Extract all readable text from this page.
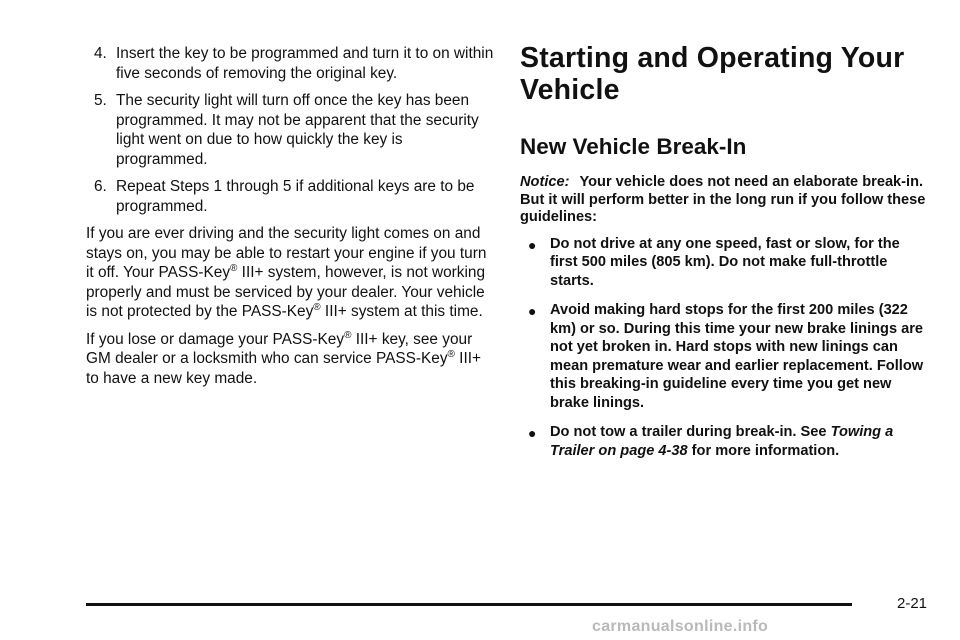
4. Insert the key to be programmed and turn it to on within five seconds of removing the original key.
5. The security light will turn off once the key has been programmed. It may not be apparent that the security light went on due to how quickly the key is programmed.
6. Repeat Steps 1 through 5 if additional keys are to be programmed.

If you are ever driving and the security light comes on and stays on, you may be able to restart your engine if you turn it off. Your PASS-Key® III+ system, however, is not working properly and must be serviced by your dealer. Your vehicle is not protected by the PASS-Key® III+ system at this time.

If you lose or damage your PASS-Key® III+ key, see your GM dealer or a locksmith who can service PASS-Key® III+ to have a new key made.

Starting and Operating Your Vehicle
New Vehicle Break-In

Notice: Your vehicle does not need an elaborate break-in. But it will perform better in the long run if you follow these guidelines:

● Do not drive at any one speed, fast or slow, for the first 500 miles (805 km). Do not make full-throttle starts.
● Avoid making hard stops for the first 200 miles (322 km) or so. During this time your new brake linings are not yet broken in. Hard stops with new linings can mean premature wear and earlier replacement. Follow this breaking-in guideline every time you get new brake linings.
● Do not tow a trailer during break-in. See Towing a Trailer on page 4-38 for more information.
2-21
carmanualsonline.info
